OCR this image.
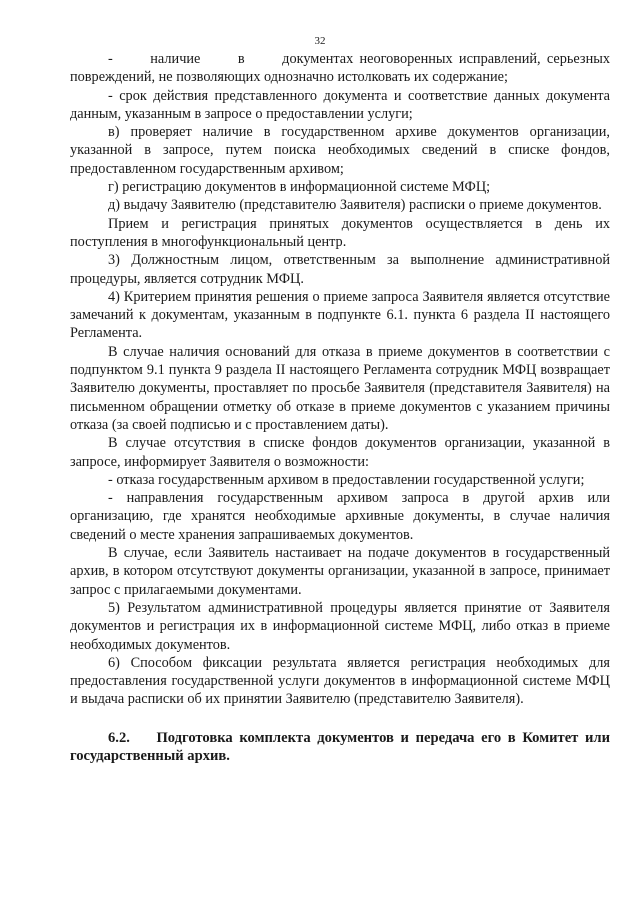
32

-      наличие      в      документах неоговоренных исправлений, серьезных повреждений, не позволяющих однозначно истолковать их содержание;

- срок действия представленного документа и соответствие данных документа данным, указанным в запросе о предоставлении услуги;

в) проверяет наличие в государственном архиве документов организации, указанной в запросе, путем поиска необходимых сведений в списке фондов, предоставленном государственным архивом;

г) регистрацию документов в информационной системе МФЦ;

д) выдачу Заявителю (представителю Заявителя) расписки о приеме документов.

Прием и регистрация принятых документов осуществляется в день их поступления в многофункциональный центр.

3) Должностным лицом, ответственным за выполнение административной процедуры, является сотрудник МФЦ.

4) Критерием принятия решения о приеме запроса Заявителя является отсутствие замечаний к документам, указанным в подпункте 6.1. пункта 6 раздела II настоящего Регламента.

В случае наличия оснований для отказа в приеме документов в соответствии с подпунктом 9.1 пункта 9 раздела II настоящего Регламента сотрудник МФЦ возвращает Заявителю документы, проставляет по просьбе Заявителя (представителя Заявителя) на письменном обращении отметку об отказе в приеме документов с указанием причины отказа (за своей подписью и с проставлением даты).

В случае отсутствия в списке фондов документов организации, указанной в запросе, информирует Заявителя о возможности:

- отказа государственным архивом в предоставлении государственной услуги;

- направления государственным архивом запроса в другой архив или организацию, где хранятся необходимые архивные документы, в случае наличия сведений о месте хранения запрашиваемых документов.

В случае, если Заявитель настаивает на подаче документов в государственный архив, в котором отсутствуют документы организации, указанной в запросе, принимает запрос с прилагаемыми документами.

5) Результатом административной процедуры является принятие от Заявителя документов и регистрация их в информационной системе МФЦ, либо отказ в приеме необходимых документов.

6) Способом фиксации результата является регистрация необходимых для предоставления государственной услуги документов в информационной системе МФЦ и выдача расписки об их принятии Заявителю (представителю Заявителя).

6.2.    Подготовка комплекта документов и передача его в Комитет или государственный архив.
